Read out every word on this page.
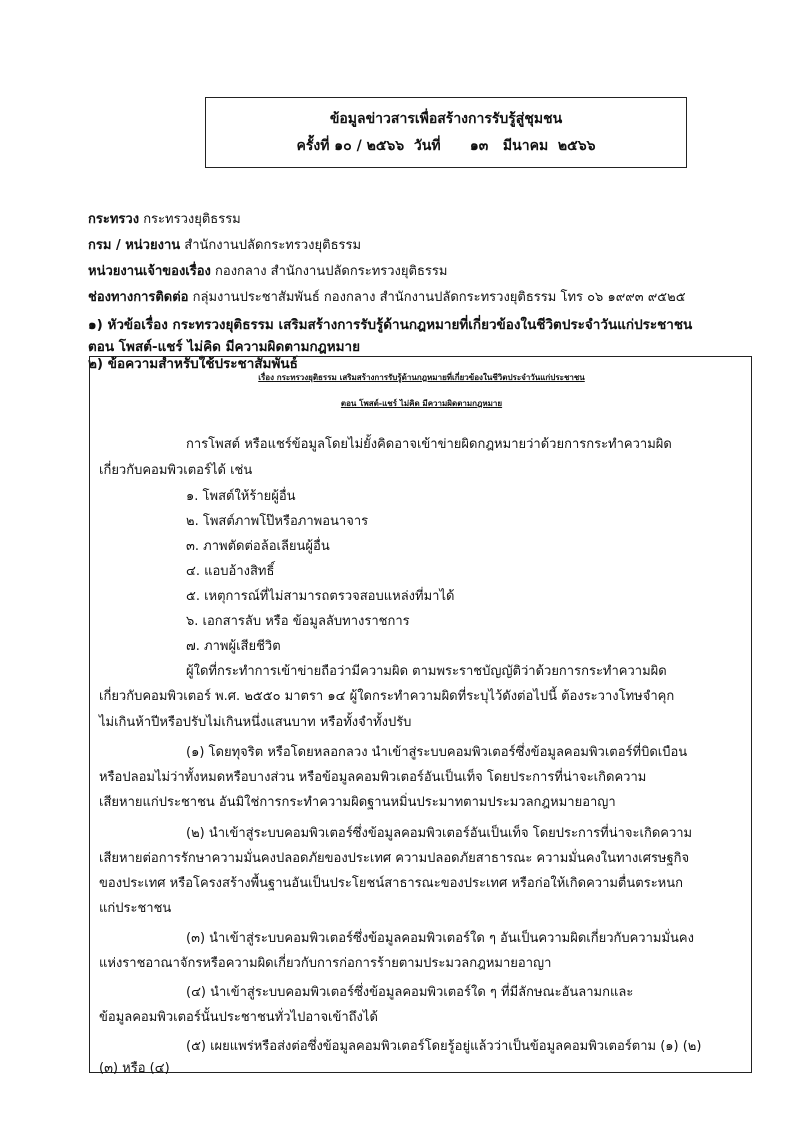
ข้อมูลข่าวสารเพื่อสร้างการรับรู้สู่ชุมชน
ครั้งที่ ๑๐ / ๒๕๖๖  วันที่      ๑๓   มีนาคม  ๒๕๖๖
กระทรวง กระทรวงยุติธรรม
กรม / หน่วยงาน สำนักงานปลัดกระทรวงยุติธรรม
หน่วยงานเจ้าของเรื่อง กองกลาง สำนักงานปลัดกระทรวงยุติธรรม
ช่องทางการติดต่อ กลุ่มงานประชาสัมพันธ์ กองกลาง สำนักงานปลัดกระทรวงยุติธรรม โทร ๐๖ ๑๙๙๓ ๙๕๒๕
๑) หัวข้อเรื่อง กระทรวงยุติธรรม เสริมสร้างการรับรู้ด้านกฎหมายที่เกี่ยวข้องในชีวิตประจำวันแก่ประชาชน
ตอน โพสต์-แชร์ ไม่คิด มีความผิดตามกฎหมาย
๒) ข้อความสำหรับใช้ประชาสัมพันธ์
เรื่อง กระทรวงยุติธรรม เสริมสร้างการรับรู้ด้านกฎหมายที่เกี่ยวข้องในชีวิตประจำวันแก่ประชาชน
ตอน โพสต์-แชร์ ไม่คิด มีความผิดตามกฎหมาย
การโพสต์ หรือแชร์ข้อมูลโดยไม่ยั้งคิดอาจเข้าข่ายผิดกฎหมายว่าด้วยการกระทำความผิด
เกี่ยวกับคอมพิวเตอร์ได้ เช่น
๑. โพสต์ให้ร้ายผู้อื่น
๒. โพสต์ภาพโป๊หรือภาพอนาจาร
๓. ภาพตัดต่อล้อเลียนผู้อื่น
๔. แอบอ้างสิทธิ์
๕. เหตุการณ์ที่ไม่สามารถตรวจสอบแหล่งที่มาได้
๖. เอกสารลับ หรือ ข้อมูลลับทางราชการ
๗. ภาพผู้เสียชีวิต
ผู้ใดที่กระทำการเข้าข่ายถือว่ามีความผิด ตามพระราชบัญญัติว่าด้วยการกระทำความผิด
เกี่ยวกับคอมพิวเตอร์ พ.ศ. ๒๕๕๐ มาตรา ๑๔ ผู้ใดกระทำความผิดที่ระบุไว้ดังต่อไปนี้ ต้องระวางโทษจำคุก
ไม่เกินห้าปีหรือปรับไม่เกินหนึ่งแสนบาท หรือทั้งจำทั้งปรับ
(๑) โดยทุจริต หรือโดยหลอกลวง นำเข้าสู่ระบบคอมพิวเตอร์ซึ่งข้อมูลคอมพิวเตอร์ที่บิดเบือน
หรือปลอมไม่ว่าทั้งหมดหรือบางส่วน หรือข้อมูลคอมพิวเตอร์อันเป็นเท็จ โดยประการที่น่าจะเกิดความ
เสียหายแก่ประชาชน อันมิใช่การกระทำความผิดฐานหมิ่นประมาทตามประมวลกฎหมายอาญา
(๒) นำเข้าสู่ระบบคอมพิวเตอร์ซึ่งข้อมูลคอมพิวเตอร์อันเป็นเท็จ โดยประการที่น่าจะเกิดความ
เสียหายต่อการรักษาความมั่นคงปลอดภัยของประเทศ ความปลอดภัยสาธารณะ ความมั่นคงในทางเศรษฐกิจ
ของประเทศ หรือโครงสร้างพื้นฐานอันเป็นประโยชน์สาธารณะของประเทศ หรือก่อให้เกิดความตื่นตระหนก
แก่ประชาชน
(๓) นำเข้าสู่ระบบคอมพิวเตอร์ซึ่งข้อมูลคอมพิวเตอร์ใด ๆ อันเป็นความผิดเกี่ยวกับความมั่นคง
แห่งราชอาณาจักรหรือความผิดเกี่ยวกับการก่อการร้ายตามประมวลกฎหมายอาญา
(๔) นำเข้าสู่ระบบคอมพิวเตอร์ซึ่งข้อมูลคอมพิวเตอร์ใด ๆ ที่มีลักษณะอันลามกและ
ข้อมูลคอมพิวเตอร์นั้นประชาชนทั่วไปอาจเข้าถึงได้
(๕) เผยแพร่หรือส่งต่อซึ่งข้อมูลคอมพิวเตอร์โดยรู้อยู่แล้วว่าเป็นข้อมูลคอมพิวเตอร์ตาม (๑) (๒)
(๓) หรือ (๔)
